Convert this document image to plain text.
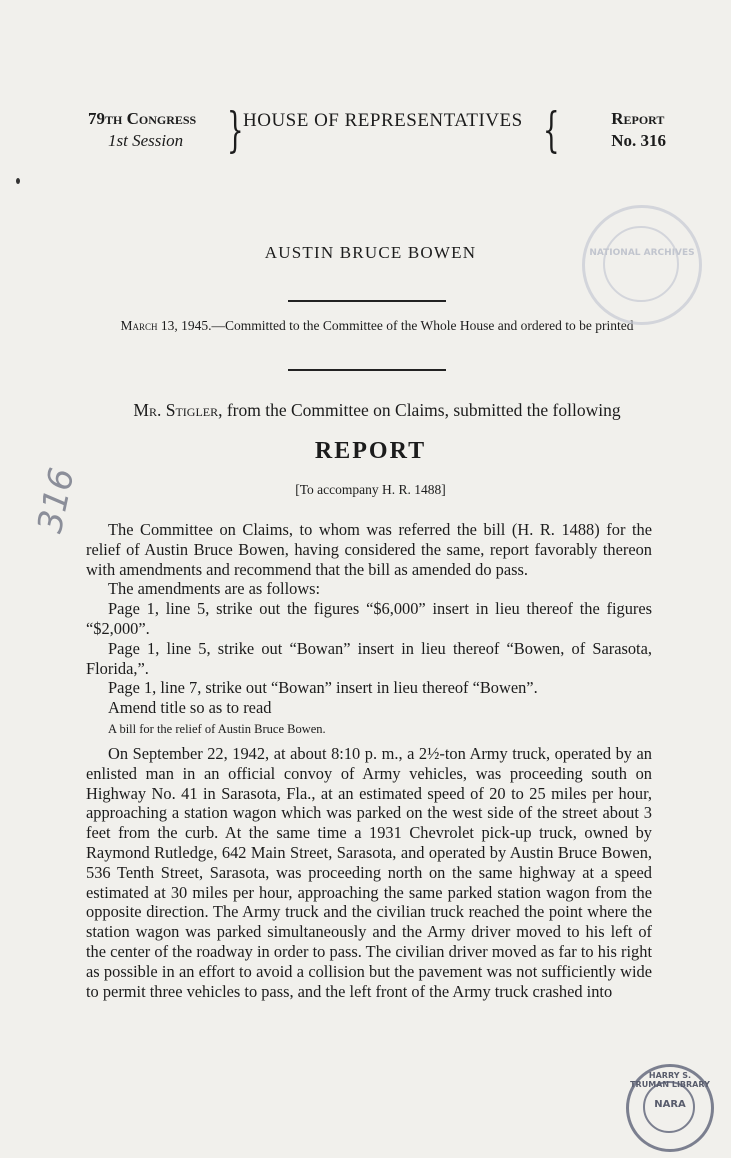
79th Congress
1st Session } HOUSE OF REPRESENTATIVES {	Report
No. 316
AUSTIN BRUCE BOWEN
March 13, 1945.—Committed to the Committee of the Whole House and ordered to be printed
Mr. Stigler, from the Committee on Claims, submitted the following
REPORT
[To accompany H. R. 1488]

The Committee on Claims, to whom was referred the bill (H. R. 1488) for the relief of Austin Bruce Bowen, having considered the same, report favorably thereon with amendments and recommend that the bill as amended do pass.

The amendments are as follows:

Page 1, line 5, strike out the figures “$6,000” insert in lieu thereof the figures “$2,000”.

Page 1, line 5, strike out “Bowan” insert in lieu thereof “Bowen, of Sarasota, Florida,”.

Page 1, line 7, strike out “Bowan” insert in lieu thereof “Bowen”.

Amend title so as to read

A bill for the relief of Austin Bruce Bowen.

On September 22, 1942, at about 8:10 p. m., a 2½-ton Army truck, operated by an enlisted man in an official convoy of Army vehicles, was proceeding south on Highway No. 41 in Sarasota, Fla., at an estimated speed of 20 to 25 miles per hour, approaching a station wagon which was parked on the west side of the street about 3 feet from the curb. At the same time a 1931 Chevrolet pick-up truck, owned by Raymond Rutledge, 642 Main Street, Sarasota, and operated by Austin Bruce Bowen, 536 Tenth Street, Sarasota, was proceeding north on the same highway at a speed estimated at 30 miles per hour, approaching the same parked station wagon from the opposite direction. The Army truck and the civilian truck reached the point where the station wagon was parked simultaneously and the Army driver moved to his left of the center of the roadway in order to pass. The civilian driver moved as far to his right as possible in an effort to avoid a collision but the pavement was not sufficiently wide to permit three vehicles to pass, and the left front of the Army truck crashed into

NATIONAL ARCHIVES
HARRY S. TRUMAN LIBRARY
NARA
316
